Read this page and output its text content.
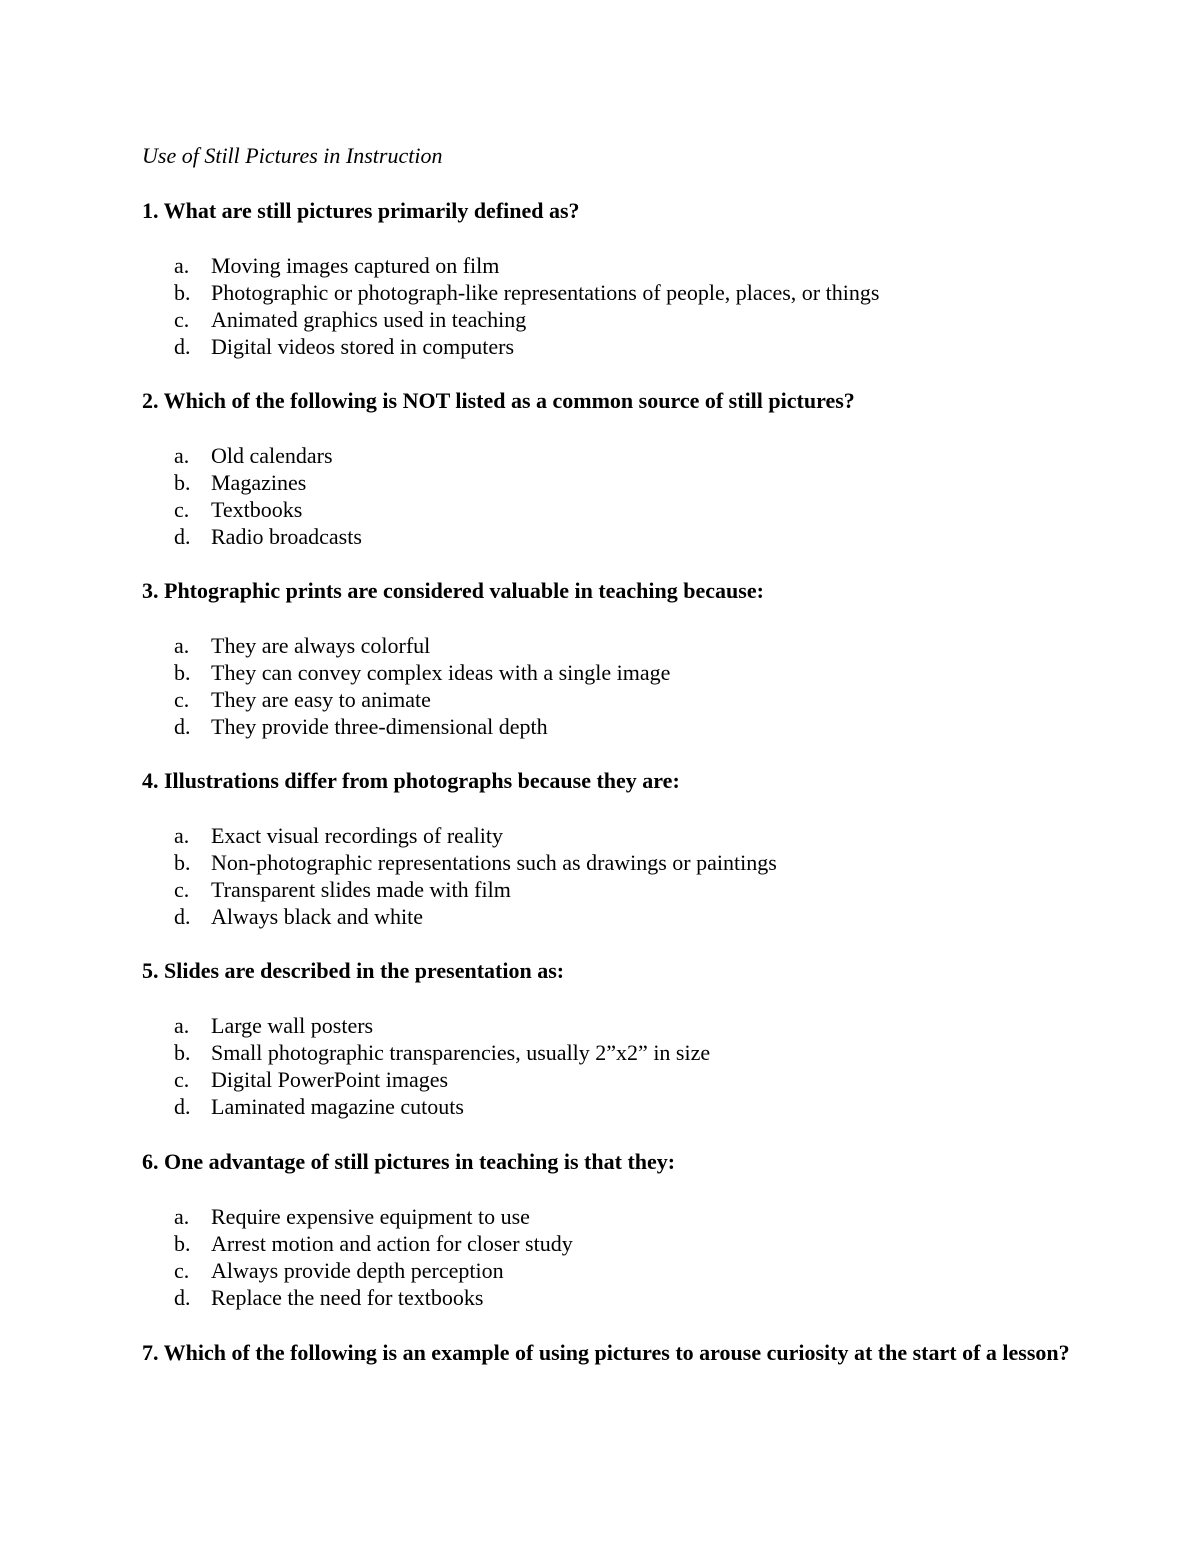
Use of Still Pictures in Instruction
1. What are still pictures primarily defined as?
a. Moving images captured on film
b. Photographic or photograph-like representations of people, places, or things
c. Animated graphics used in teaching
d. Digital videos stored in computers
2. Which of the following is NOT listed as a common source of still pictures?
a. Old calendars
b. Magazines
c. Textbooks
d. Radio broadcasts
3. Phtographic prints are considered valuable in teaching because:
a. They are always colorful
b. They can convey complex ideas with a single image
c. They are easy to animate
d. They provide three-dimensional depth
4. Illustrations differ from photographs because they are:
a. Exact visual recordings of reality
b. Non-photographic representations such as drawings or paintings
c. Transparent slides made with film
d. Always black and white
5. Slides are described in the presentation as:
a. Large wall posters
b. Small photographic transparencies, usually 2”x2” in size
c. Digital PowerPoint images
d. Laminated magazine cutouts
6. One advantage of still pictures in teaching is that they:
a. Require expensive equipment to use
b. Arrest motion and action for closer study
c. Always provide depth perception
d. Replace the need for textbooks
7. Which of the following is an example of using pictures to arouse curiosity at the start of a lesson?
